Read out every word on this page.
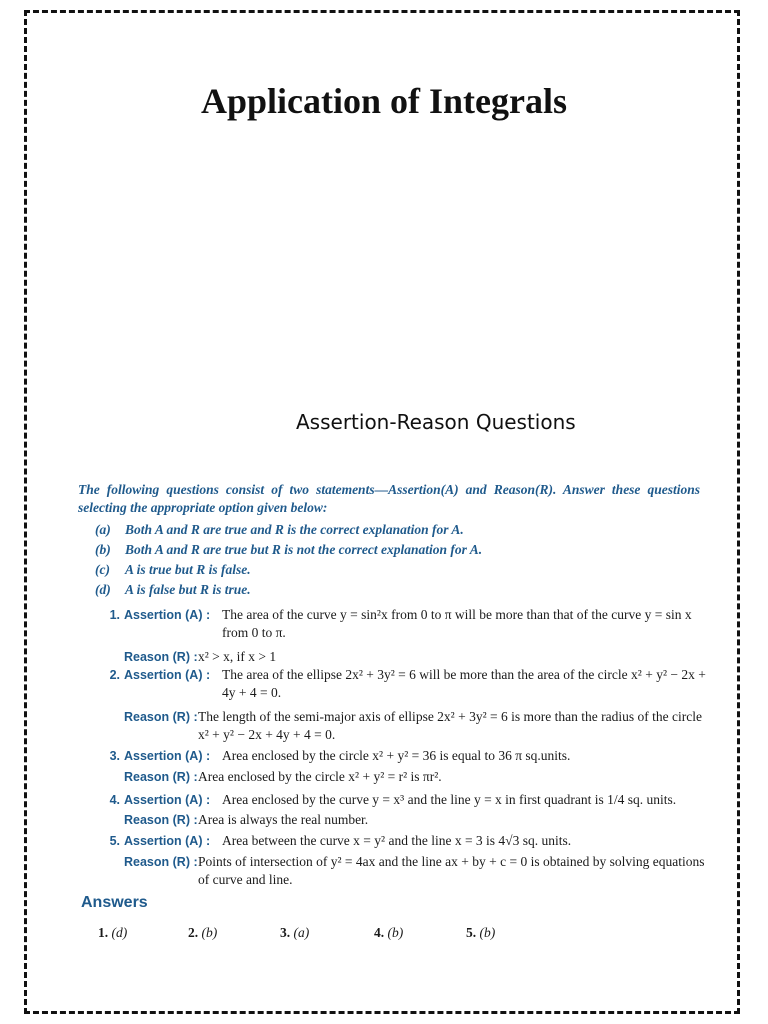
Application of Integrals
Assertion-Reason Questions
The following questions consist of two statements—Assertion(A) and Reason(R). Answer these questions selecting the appropriate option given below:
(a)	Both A and R are true and R is the correct explanation for A.
(b)	Both A and R are true but R is not the correct explanation for A.
(c)	A is true but R is false.
(d)	A is false but R is true.
1. Assertion (A) : The area of the curve y = sin²x from 0 to π will be more than that of the curve y = sin x from 0 to π.
Reason (R) : x² > x, if x > 1
2. Assertion (A) : The area of the ellipse 2x² + 3y² = 6 will be more than the area of the circle x² + y² − 2x + 4y + 4 = 0.
Reason (R) : The length of the semi-major axis of ellipse 2x² + 3y² = 6 is more than the radius of the circle x² + y² − 2x + 4y + 4 = 0.
3. Assertion (A) : Area enclosed by the circle x² + y² = 36 is equal to 36 π sq.units.
Reason (R) : Area enclosed by the circle x² + y² = r² is πr².
4. Assertion (A) : Area enclosed by the curve y = x³ and the line y = x in first quadrant is 1/4 sq. units.
Reason (R) : Area is always the real number.
5. Assertion (A) : Area between the curve x = y² and the line x = 3 is 4√3 sq. units.
Reason (R) : Points of intersection of y² = 4ax and the line ax + by + c = 0 is obtained by solving equations of curve and line.
Answers
1. (d)	2. (b)	3. (a)	4. (b)	5. (b)
